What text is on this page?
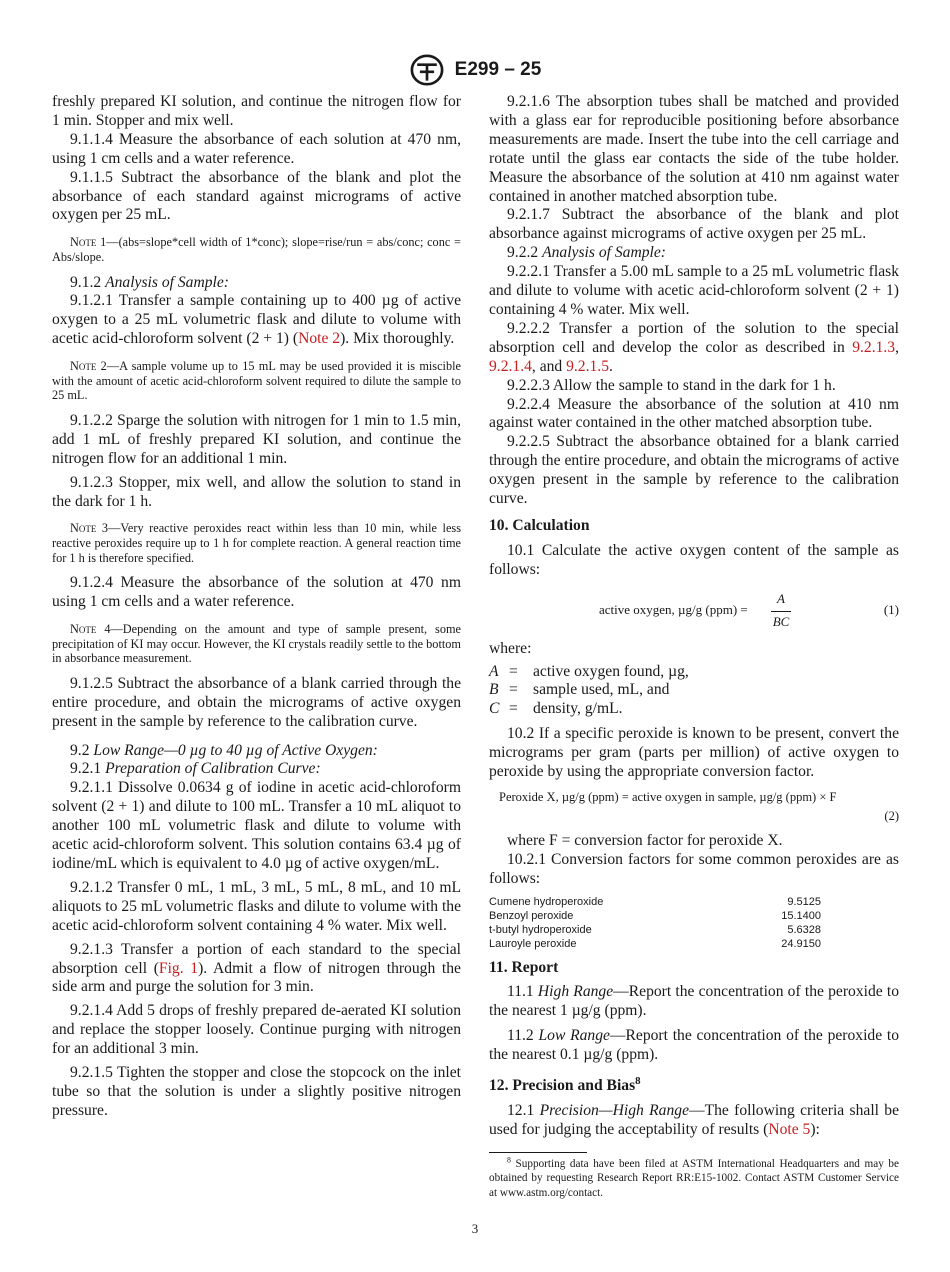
E299 – 25

freshly prepared KI solution, and continue the nitrogen flow for 1 min. Stopper and mix well.

9.1.1.4 Measure the absorbance of each solution at 470 nm, using 1 cm cells and a water reference.

9.1.1.5 Subtract the absorbance of the blank and plot the absorbance of each standard against micrograms of active oxygen per 25 mL.

Note 1—(abs=slope*cell width of 1*conc); slope=rise/run = abs/conc; conc = Abs/slope.

9.1.2 Analysis of Sample:

9.1.2.1 Transfer a sample containing up to 400 µg of active oxygen to a 25 mL volumetric flask and dilute to volume with acetic acid-chloroform solvent (2 + 1) (Note 2). Mix thoroughly.

Note 2—A sample volume up to 15 mL may be used provided it is miscible with the amount of acetic acid-chloroform solvent required to dilute the sample to 25 mL.

9.1.2.2 Sparge the solution with nitrogen for 1 min to 1.5 min, add 1 mL of freshly prepared KI solution, and continue the nitrogen flow for an additional 1 min.

9.1.2.3 Stopper, mix well, and allow the solution to stand in the dark for 1 h.

Note 3—Very reactive peroxides react within less than 10 min, while less reactive peroxides require up to 1 h for complete reaction. A general reaction time for 1 h is therefore specified.

9.1.2.4 Measure the absorbance of the solution at 470 nm using 1 cm cells and a water reference.

Note 4—Depending on the amount and type of sample present, some precipitation of KI may occur. However, the KI crystals readily settle to the bottom in absorbance measurement.

9.1.2.5 Subtract the absorbance of a blank carried through the entire procedure, and obtain the micrograms of active oxygen present in the sample by reference to the calibration curve.

9.2 Low Range—0 µg to 40 µg of Active Oxygen:

9.2.1 Preparation of Calibration Curve:

9.2.1.1 Dissolve 0.0634 g of iodine in acetic acid-chloroform solvent (2 + 1) and dilute to 100 mL. Transfer a 10 mL aliquot to another 100 mL volumetric flask and dilute to volume with acetic acid-chloroform solvent. This solution contains 63.4 µg of iodine/mL which is equivalent to 4.0 µg of active oxygen/mL.

9.2.1.2 Transfer 0 mL, 1 mL, 3 mL, 5 mL, 8 mL, and 10 mL aliquots to 25 mL volumetric flasks and dilute to volume with the acetic acid-chloroform solvent containing 4 % water. Mix well.

9.2.1.3 Transfer a portion of each standard to the special absorption cell (Fig. 1). Admit a flow of nitrogen through the side arm and purge the solution for 3 min.

9.2.1.4 Add 5 drops of freshly prepared de-aerated KI solution and replace the stopper loosely. Continue purging with nitrogen for an additional 3 min.

9.2.1.5 Tighten the stopper and close the stopcock on the inlet tube so that the solution is under a slightly positive nitrogen pressure.

9.2.1.6 The absorption tubes shall be matched and provided with a glass ear for reproducible positioning before absorbance measurements are made. Insert the tube into the cell carriage and rotate until the glass ear contacts the side of the tube holder. Measure the absorbance of the solution at 410 nm against water contained in another matched absorption tube.

9.2.1.7 Subtract the absorbance of the blank and plot absorbance against micrograms of active oxygen per 25 mL.

9.2.2 Analysis of Sample:

9.2.2.1 Transfer a 5.00 mL sample to a 25 mL volumetric flask and dilute to volume with acetic acid-chloroform solvent (2 + 1) containing 4 % water. Mix well.

9.2.2.2 Transfer a portion of the solution to the special absorption cell and develop the color as described in 9.2.1.3, 9.2.1.4, and 9.2.1.5.

9.2.2.3 Allow the sample to stand in the dark for 1 h.

9.2.2.4 Measure the absorbance of the solution at 410 nm against water contained in the other matched absorption tube.

9.2.2.5 Subtract the absorbance obtained for a blank carried through the entire procedure, and obtain the micrograms of active oxygen present in the sample by reference to the calibration curve.

10. Calculation

10.1 Calculate the active oxygen content of the sample as follows:

active oxygen, µg/g $(ppm) = \frac{A}{BC}$	(1)

where:

A = active oxygen found, µg,
B = sample used, mL, and
C = density, g/mL.

10.2 If a specific peroxide is known to be present, convert the micrograms per gram (parts per million) of active oxygen to peroxide by using the appropriate conversion factor.

Peroxide X, µg/g (ppm) = active oxygen in sample, µg/g (ppm) × F
(2)

where F = conversion factor for peroxide X.

10.2.1 Conversion factors for some common peroxides are as follows:

Cumene hydroperoxide	9.5125
Benzoyl peroxide	15.1400
t-butyl hydroperoxide	5.6328
Lauroyle peroxide	24.9150
11. Report

11.1 High Range—Report the concentration of the peroxide to the nearest 1 µg/g (ppm).

11.2 Low Range—Report the concentration of the peroxide to the nearest 0.1 µg/g (ppm).

12. Precision and Bias$^8$

12.1 Precision—High Range—The following criteria shall be used for judging the acceptability of results (Note 5):

$^8$ Supporting data have been filed at ASTM International Headquarters and may be obtained by requesting Research Report RR:E15-1002. Contact ASTM Customer Service at www.astm.org/contact.

3
